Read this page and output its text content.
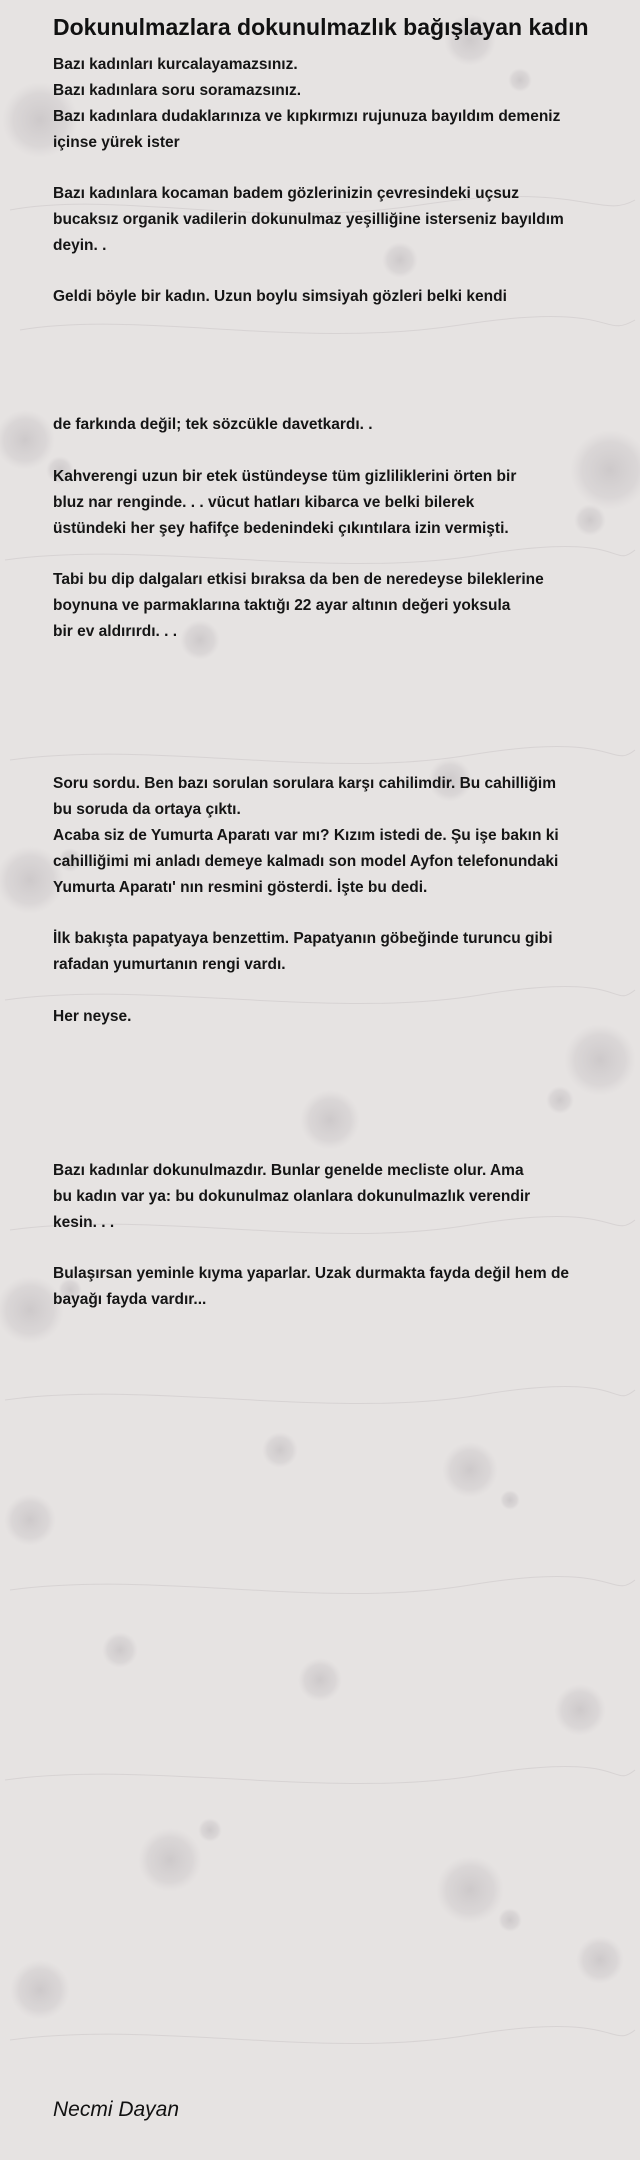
Dokunulmazlara dokunulmazlık bağışlayan kadın
Bazı kadınları kurcalayamazsınız.
Bazı kadınlara soru soramazsınız.
Bazı kadınlara dudaklarınıza ve kıpkırmızı rujunuza bayıldım demeniz
içinse yürek ister
Bazı kadınlara kocaman badem gözlerinizin çevresindeki uçsuz
bucaksız organik vadilerin dokunulmaz yeşilliğine isterseniz bayıldım
deyin. .
Geldi böyle bir kadın. Uzun boylu simsiyah gözleri belki kendi
de farkında değil; tek sözcükle davetkardı. .
Kahverengi uzun bir etek üstündeyse tüm gizliliklerini örten bir
bluz nar renginde. . . vücut hatları kibarca ve belki bilerek
üstündeki her şey hafifçe bedenindeki çıkıntılara izin vermişti.
Tabi bu dip dalgaları etkisi bıraksa da ben de neredeyse bileklerine
boynuna ve parmaklarına taktığı 22 ayar altının değeri yoksula
bir ev aldırırdı. . .
Soru sordu. Ben bazı sorulan sorulara karşı cahilimdir. Bu cahilliğim
bu soruda da ortaya çıktı.
Acaba siz de Yumurta Aparatı var mı? Kızım istedi de. Şu işe bakın ki
cahilliğimi mi anladı demeye kalmadı son model Ayfon telefonundaki
Yumurta Aparatı' nın resmini gösterdi. İşte bu dedi.
İlk bakışta papatyaya benzettim. Papatyanın göbeğinde turuncu gibi
rafadan yumurtanın rengi vardı.
Her neyse.
Bazı kadınlar dokunulmazdır. Bunlar genelde mecliste olur. Ama
bu kadın var ya: bu dokunulmaz olanlara dokunulmazlık verendir
kesin. . .
Bulaşırsan yeminle kıyma yaparlar. Uzak durmakta fayda değil hem de
bayağı fayda vardır...
Necmi Dayan
